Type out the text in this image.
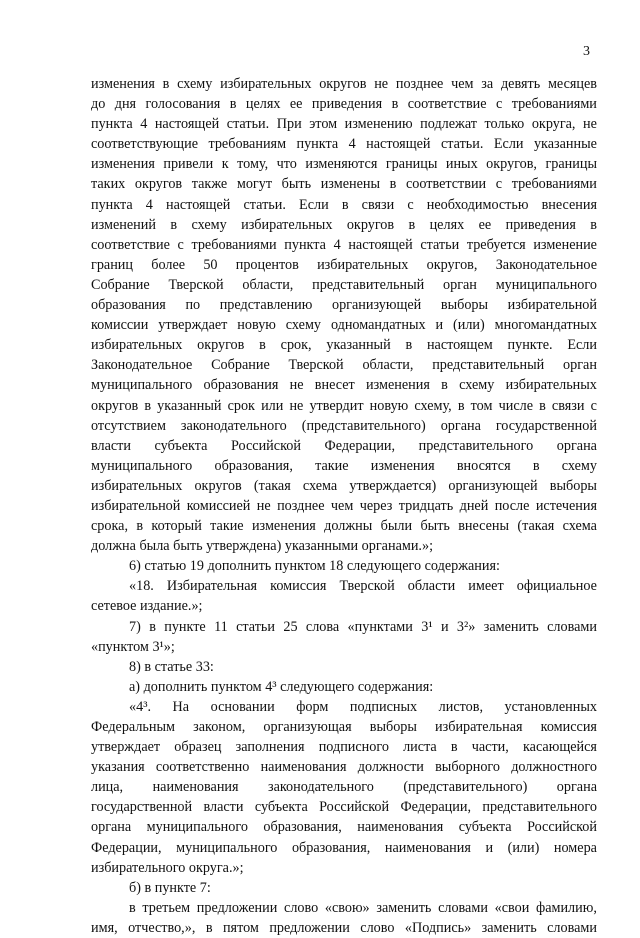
3
изменения в схему избирательных округов не позднее чем за девять месяцев
до дня голосования в целях ее приведения в соответствие с требованиями
пункта 4 настоящей статьи. При этом изменению подлежат только округа, не
соответствующие требованиям пункта 4 настоящей статьи. Если указанные
изменения привели к тому, что изменяются границы иных округов, границы
таких округов также могут быть изменены в соответствии с требованиями
пункта 4 настоящей статьи. Если в связи с необходимостью внесения
изменений в схему избирательных округов в целях ее приведения в
соответствие с требованиями пункта 4 настоящей статьи требуется изменение
границ более 50 процентов избирательных округов, Законодательное
Собрание Тверской области, представительный орган муниципального
образования по представлению организующей выборы избирательной
комиссии утверждает новую схему одномандатных и (или) многомандатных
избирательных округов в срок, указанный в настоящем пункте. Если
Законодательное Собрание Тверской области, представительный орган
муниципального образования не внесет изменения в схему избирательных
округов в указанный срок или не утвердит новую схему, в том числе в связи с
отсутствием законодательного (представительного) органа государственной
власти субъекта Российской Федерации, представительного органа
муниципального образования, такие изменения вносятся в схему
избирательных округов (такая схема утверждается) организующей выборы
избирательной комиссией не позднее чем через тридцать дней после истечения
срока, в который такие изменения должны были быть внесены (такая схема
должна была быть утверждена) указанными органами.»;
6) статью 19 дополнить пунктом 18 следующего содержания:
«18. Избирательная комиссия Тверской области имеет официальное
сетевое издание.»;
7) в пункте 11 статьи 25 слова «пунктами 3¹ и 3²» заменить словами
«пунктом 3¹»;
8) в статье 33:
а) дополнить пунктом 4³ следующего содержания:
«4³. На основании форм подписных листов, установленных
Федеральным законом, организующая выборы избирательная комиссия
утверждает образец заполнения подписного листа в части, касающейся
указания соответственно наименования должности выборного должностного
лица, наименования законодательного (представительного) органа
государственной власти субъекта Российской Федерации, представительного
органа муниципального образования, наименования субъекта Российской
Федерации, муниципального образования, наименования и (или) номера
избирательного округа.»;
б) в пункте 7:
в третьем предложении слово «свою» заменить словами «свои фамилию,
имя, отчество,», в пятом предложении слово «Подпись» заменить словами
